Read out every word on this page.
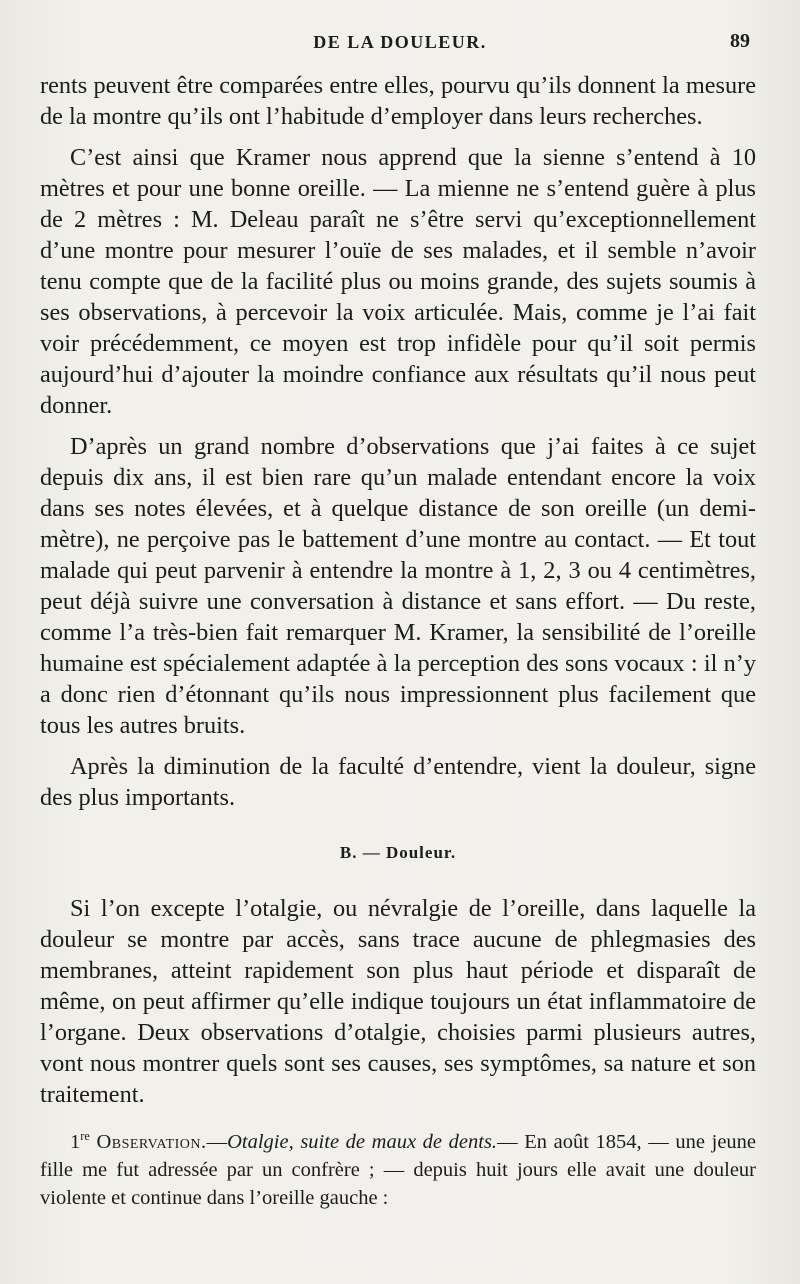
DE LA DOULEUR.	89

rents peuvent être comparées entre elles, pourvu qu’ils donnent la mesure de la montre qu’ils ont l’habitude d’employer dans leurs recherches.

C’est ainsi que Kramer nous apprend que la sienne s’entend à 10 mètres et pour une bonne oreille. — La mienne ne s’entend guère à plus de 2 mètres : M. Deleau paraît ne s’être servi qu’exceptionnellement d’une montre pour mesurer l’ouïe de ses malades, et il semble n’avoir tenu compte que de la facilité plus ou moins grande, des sujets soumis à ses observations, à percevoir la voix articulée. Mais, comme je l’ai fait voir précédemment, ce moyen est trop infidèle pour qu’il soit permis aujourd’hui d’ajouter la moindre confiance aux résultats qu’il nous peut donner.

D’après un grand nombre d’observations que j’ai faites à ce sujet depuis dix ans, il est bien rare qu’un malade entendant encore la voix dans ses notes élevées, et à quelque distance de son oreille (un demi-mètre), ne perçoive pas le battement d’une montre au contact. — Et tout malade qui peut parvenir à entendre la montre à 1, 2, 3 ou 4 centimètres, peut déjà suivre une conversation à distance et sans effort. — Du reste, comme l’a très-bien fait remarquer M. Kramer, la sensibilité de l’oreille humaine est spécialement adaptée à la perception des sons vocaux : il n’y a donc rien d’étonnant qu’ils nous impressionnent plus facilement que tous les autres bruits.

Après la diminution de la faculté d’entendre, vient la douleur, signe des plus importants.

B. — Douleur.

Si l’on excepte l’otalgie, ou névralgie de l’oreille, dans laquelle la douleur se montre par accès, sans trace aucune de phlegmasies des membranes, atteint rapidement son plus haut période et disparaît de même, on peut affirmer qu’elle indique toujours un état inflammatoire de l’organe. Deux observations d’otalgie, choisies parmi plusieurs autres, vont nous montrer quels sont ses causes, ses symptômes, sa nature et son traitement.

1re Observation.—Otalgie, suite de maux de dents.— En août 1854, — une jeune fille me fut adressée par un confrère ; — depuis huit jours elle avait une douleur violente et continue dans l’oreille gauche :
